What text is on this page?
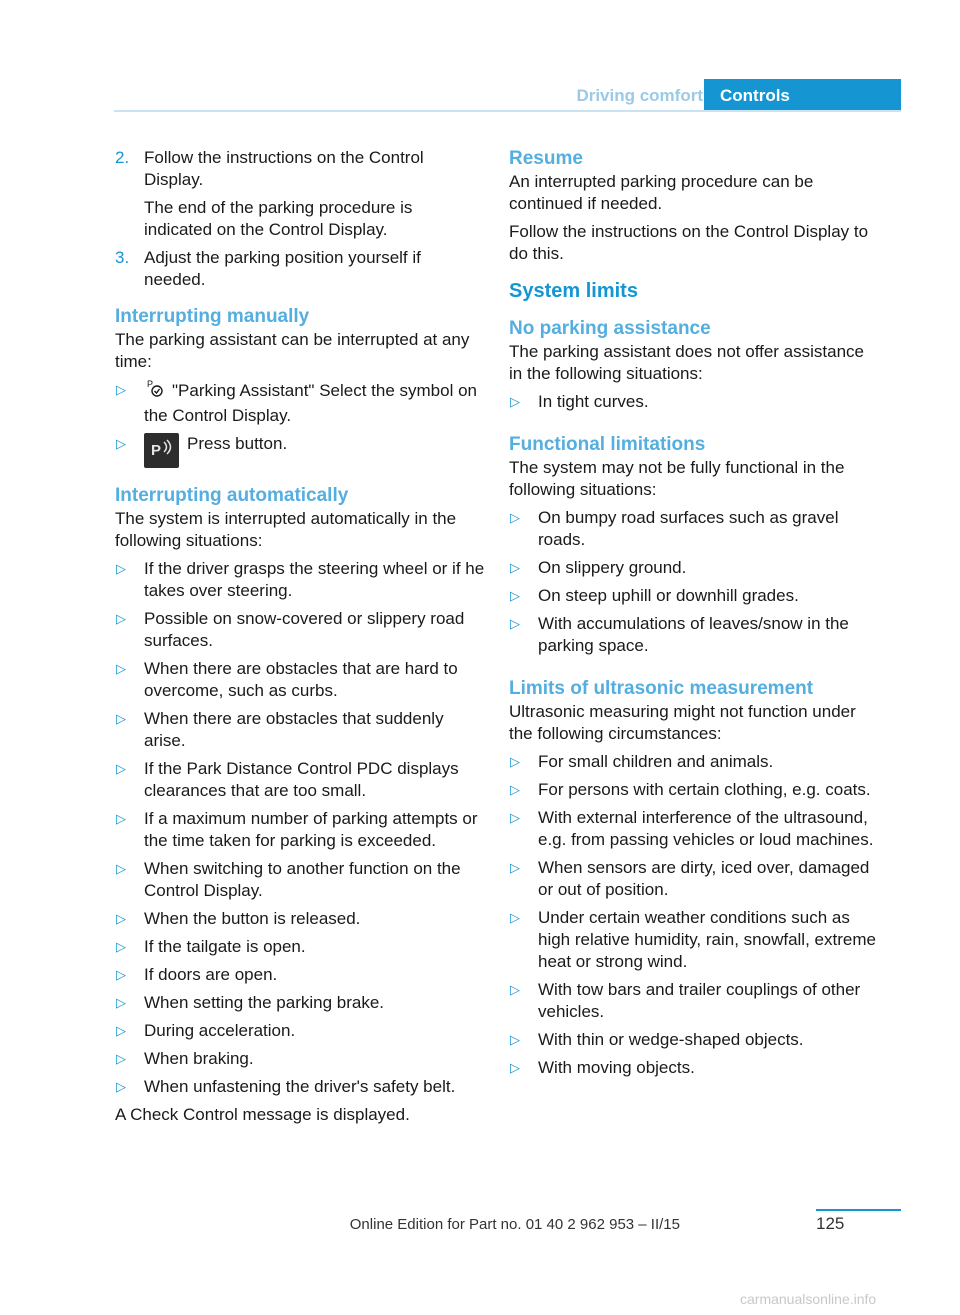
Driving comfort	Controls
2. Follow the instructions on the Control Display.

The end of the parking procedure is indicated on the Control Display.

3. Adjust the parking position yourself if needed.

Interrupting manually

The parking assistant can be interrupted at any time:

▷ P "Parking Assistant" Select the symbol on the Control Display.

▷ P Press button.
Interrupting automatically

The system is interrupted automatically in the following situations:

▷ If the driver grasps the steering wheel or if he takes over steering.

▷ Possible on snow-covered or slippery road surfaces.

▷ When there are obstacles that are hard to overcome, such as curbs.

▷ When there are obstacles that suddenly arise.

▷ If the Park Distance Control PDC displays clearances that are too small.

▷ If a maximum number of parking attempts or the time taken for parking is exceeded.

▷ When switching to another function on the Control Display.

▷ When the button is released.

▷ If the tailgate is open.

▷ If doors are open.

▷ When setting the parking brake.

▷ During acceleration.

▷ When braking.

▷ When unfastening the driver's safety belt.

A Check Control message is displayed.

Resume

An interrupted parking procedure can be continued if needed.

Follow the instructions on the Control Display to do this.

System limits
No parking assistance

The parking assistant does not offer assistance in the following situations:

▷ In tight curves.

Functional limitations

The system may not be fully functional in the following situations:

▷ On bumpy road surfaces such as gravel roads.

▷ On slippery ground.

▷ On steep uphill or downhill grades.

▷ With accumulations of leaves/snow in the parking space.

Limits of ultrasonic measurement

Ultrasonic measuring might not function under the following circumstances:

▷ For small children and animals.

▷ For persons with certain clothing, e.g. coats.

▷ With external interference of the ultrasound, e.g. from passing vehicles or loud machines.

▷ When sensors are dirty, iced over, damaged or out of position.

▷ Under certain weather conditions such as high relative humidity, rain, snowfall, extreme heat or strong wind.

▷ With tow bars and trailer couplings of other vehicles.

▷ With thin or wedge-shaped objects.

▷ With moving objects.

Online Edition for Part no. 01 40 2 962 953 – II/15	125
carmanualsonline.info
